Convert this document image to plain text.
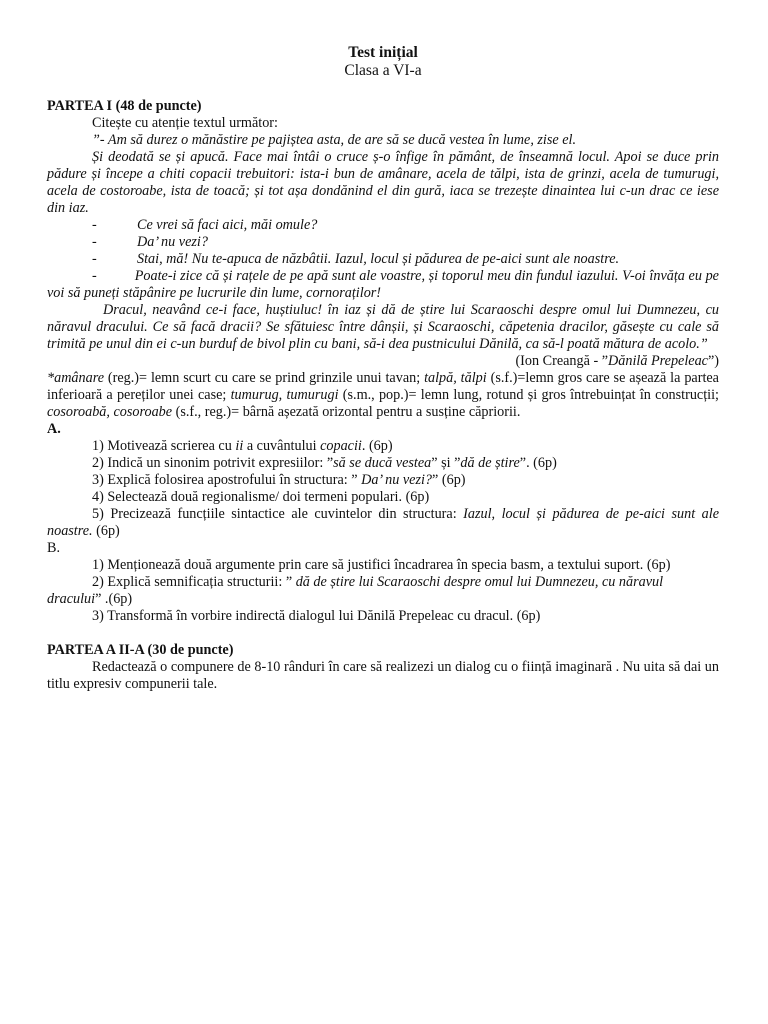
Test inițial

Clasa a VI-a

PARTEA I (48 de puncte)

Citește cu atenție textul următor:

”- Am să durez o mănăstire pe pajiștea asta, de are să se ducă vestea în lume, zise el.

Și deodată se și apucă. Face mai întâi o cruce ș-o înfige în pământ, de înseamnă locul. Apoi se duce prin pădure și începe a chiti copacii trebuitori: ista-i bun de amânare, acela de tălpi, ista de grinzi, acela de tumurugi, acela de costoroabe, ista de toacă; și tot așa dondănind el din gură, iaca se trezește dinaintea lui c-un drac ce iese din iaz.

-	Ce vrei să faci aici, măi omule?
-	Da’ nu vezi?
-	Stai, mă! Nu te-apuca de năzbâtii. Iazul, locul și pădurea de pe-aici sunt ale noastre.

-	Poate-i zice că și rațele de pe apă sunt ale voastre, și toporul meu din fundul iazului. V-oi învăța eu pe voi să puneți stăpânire pe lucrurile din lume, cornoraților!

Dracul, neavând ce-i face, huștiuluc! în iaz și dă de știre lui Scaraoschi despre omul lui Dumnezeu, cu năravul dracului. Ce să facă dracii? Se sfătuiesc între dânșii, și Scaraoschi, căpetenia dracilor, găsește cu cale să trimită pe unul din ei c-un burduf de bivol plin cu bani, să-i dea pustnicului Dănilă, ca să-l poată mătura de acolo.”

(Ion Creangă - ”Dănilă Prepeleac”)

*amânare (reg.)= lemn scurt cu care se prind grinzile unui tavan; talpă, tălpi (s.f.)=lemn gros care se așează la partea inferioară a pereților unei case; tumurug, tumurugi (s.m., pop.)= lemn lung, rotund și gros întrebuințat în construcții; cosoroabă, cosoroabe (s.f., reg.)= bârnă așezată orizontal pentru a susține căpriorii.

A.

1) Motivează scrierea cu ii a cuvântului copacii. (6p)

2) Indică un sinonim potrivit expresiilor: ”să se ducă vestea” și ”dă de știre”. (6p)

3) Explică folosirea apostrofului în structura: ” Da’ nu vezi?” (6p)

4) Selectează două regionalisme/ doi termeni populari. (6p)

5) Precizează funcțiile sintactice ale cuvintelor din structura: Iazul, locul și pădurea de pe-aici sunt ale noastre. (6p)

B.

1) Menționează două argumente prin care să justifici încadrarea în specia basm, a textului suport. (6p)

2) Explică semnificația structurii: ” dă de știre lui Scaraoschi despre omul lui Dumnezeu, cu năravul dracului” .(6p)

3) Transformă în vorbire indirectă dialogul lui Dănilă Prepeleac cu dracul. (6p)

PARTEA A II-A (30 de puncte)

Redactează o compunere de 8-10 rânduri în care să realizezi un dialog cu o ființă imaginară . Nu uita să dai un titlu expresiv compunerii tale.
